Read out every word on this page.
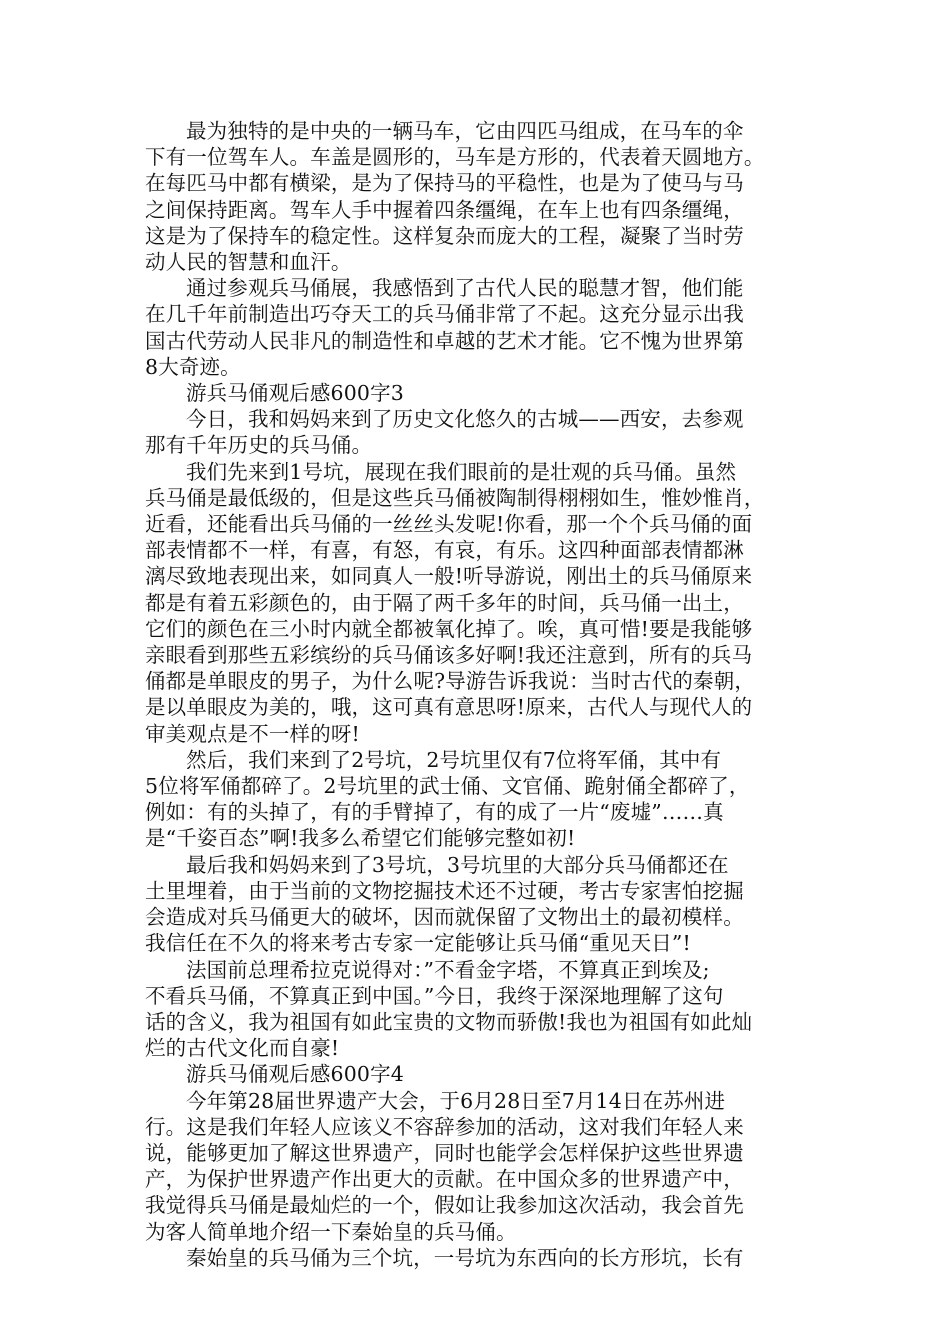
最为独特的是中央的一辆马车，它由四匹马组成，在马车的伞
下有一位驾车人。车盖是圆形的，马车是方形的，代表着天圆地方。
在每匹马中都有横梁，是为了保持马的平稳性，也是为了使马与马
之间保持距离。驾车人手中握着四条缰绳，在车上也有四条缰绳，
这是为了保持车的稳定性。这样复杂而庞大的工程，凝聚了当时劳
动人民的智慧和血汗。

通过参观兵马俑展，我感悟到了古代人民的聪慧才智，他们能
在几千年前制造出巧夺天工的兵马俑非常了不起。这充分显示出我
国古代劳动人民非凡的制造性和卓越的艺术才能。它不愧为世界第
8大奇迹。

游兵马俑观后感600字3

今日，我和妈妈来到了历史文化悠久的古城——西安，去参观
那有千年历史的兵马俑。

我们先来到1号坑，展现在我们眼前的是壮观的兵马俑。虽然
兵马俑是最低级的，但是这些兵马俑被陶制得栩栩如生，惟妙惟肖，
近看，还能看出兵马俑的一丝丝头发呢!你看，那一个个兵马俑的面
部表情都不一样，有喜，有怒，有哀，有乐。这四种面部表情都淋
漓尽致地表现出来，如同真人一般!听导游说，刚出土的兵马俑原来
都是有着五彩颜色的，由于隔了两千多年的时间，兵马俑一出土，
它们的颜色在三小时内就全都被氧化掉了。唉，真可惜!要是我能够
亲眼看到那些五彩缤纷的兵马俑该多好啊!我还注意到，所有的兵马
俑都是单眼皮的男子，为什么呢?导游告诉我说：当时古代的秦朝，
是以单眼皮为美的，哦，这可真有意思呀!原来，古代人与现代人的
审美观点是不一样的呀!

然后，我们来到了2号坑，2号坑里仅有7位将军俑，其中有
5位将军俑都碎了。2号坑里的武士俑、文官俑、跪射俑全都碎了，
例如：有的头掉了，有的手臂掉了，有的成了一片“废墟”……真
是“千姿百态”啊!我多么希望它们能够完整如初!

最后我和妈妈来到了3号坑，3号坑里的大部分兵马俑都还在
土里埋着，由于当前的文物挖掘技术还不过硬，考古专家害怕挖掘
会造成对兵马俑更大的破坏，因而就保留了文物出土的最初模样。
我信任在不久的将来考古专家一定能够让兵马俑“重见天日”!

法国前总理希拉克说得对：”不看金字塔，不算真正到埃及;
不看兵马俑，不算真正到中国。”今日，我终于深深地理解了这句
话的含义，我为祖国有如此宝贵的文物而骄傲!我也为祖国有如此灿
烂的古代文化而自豪!

游兵马俑观后感600字4

今年第28届世界遗产大会，于6月28日至7月14日在苏州进
行。这是我们年轻人应该义不容辞参加的活动，这对我们年轻人来
说，能够更加了解这世界遗产，同时也能学会怎样保护这些世界遗
产，为保护世界遗产作出更大的贡献。在中国众多的世界遗产中，
我觉得兵马俑是最灿烂的一个，假如让我参加这次活动，我会首先
为客人简单地介绍一下秦始皇的兵马俑。

秦始皇的兵马俑为三个坑，一号坑为东西向的长方形坑，长有
